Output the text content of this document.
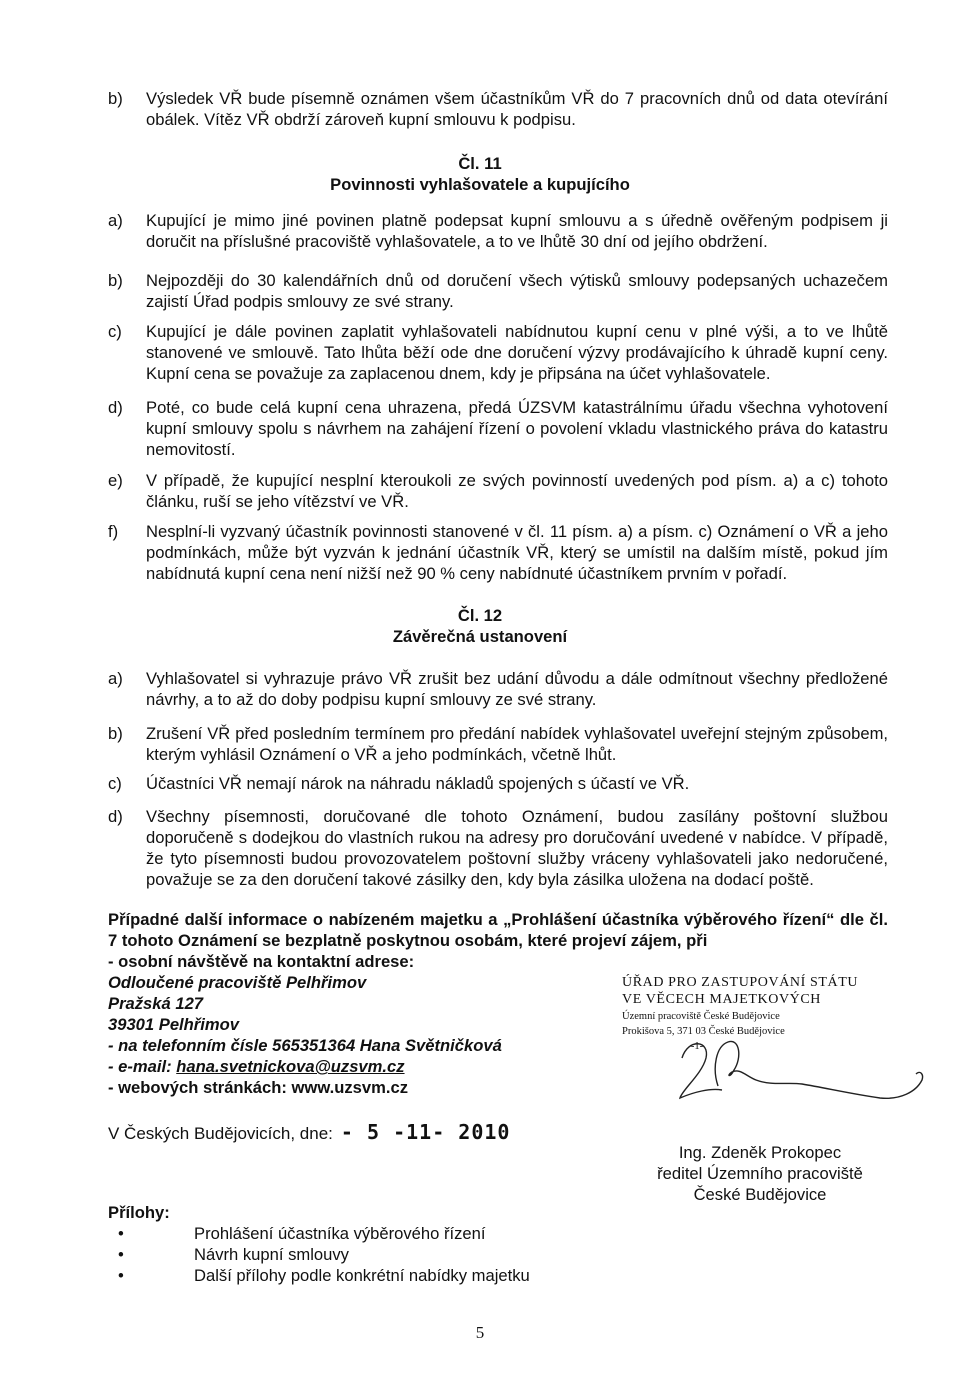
b) Výsledek VŘ bude písemně oznámen všem účastníkům VŘ do 7 pracovních dnů od data otevírání obálek. Vítěz VŘ obdrží zároveň kupní smlouvu k podpisu.
Čl. 11
Povinnosti vyhlašovatele a kupujícího
a) Kupující je mimo jiné povinen platně podepsat kupní smlouvu a s úředně ověřeným podpisem ji doručit na příslušné pracoviště vyhlašovatele, a to ve lhůtě 30 dní od jejího obdržení.
b) Nejpozději do 30 kalendářních dnů od doručení všech výtisků smlouvy podepsaných uchazečem zajistí Úřad podpis smlouvy ze své strany.
c) Kupující je dále povinen zaplatit vyhlašovateli nabídnutou kupní cenu v plné výši, a to ve lhůtě stanovené ve smlouvě. Tato lhůta běží ode dne doručení výzvy prodávajícího k úhradě kupní ceny. Kupní cena se považuje za zaplacenou dnem, kdy je připsána na účet vyhlašovatele.
d) Poté, co bude celá kupní cena uhrazena, předá ÚZSVM katastrálnímu úřadu všechna vyhotovení kupní smlouvy spolu s návrhem na zahájení řízení o povolení vkladu vlastnického práva do katastru nemovitostí.
e) V případě, že kupující nesplní kteroukoli ze svých povinností uvedených pod písm. a) a c) tohoto článku, ruší se jeho vítězství ve VŘ.
f) Nesplní-li vyzvaný účastník povinnosti stanovené v čl. 11 písm. a) a písm. c) Oznámení o VŘ a jeho podmínkách, může být vyzván k jednání účastník VŘ, který se umístil na dalším místě, pokud jím nabídnutá kupní cena není nižší než 90 % ceny nabídnuté účastníkem prvním v pořadí.
Čl. 12
Závěrečná ustanovení
a) Vyhlašovatel si vyhrazuje právo VŘ zrušit bez udání důvodu a dále odmítnout všechny předložené návrhy, a to až do doby podpisu kupní smlouvy ze své strany.
b) Zrušení VŘ před posledním termínem pro předání nabídek vyhlašovatel uveřejní stejným způsobem, kterým vyhlásil Oznámení o VŘ a jeho podmínkách, včetně lhůt.
c) Účastníci VŘ nemají nárok na náhradu nákladů spojených s účastí ve VŘ.
d) Všechny písemnosti, doručované dle tohoto Oznámení, budou zasílány poštovní službou doporučeně s dodejkou do vlastních rukou na adresy pro doručování uvedené v nabídce. V případě, že tyto písemnosti budou provozovatelem poštovní služby vráceny vyhlašovateli jako nedoručené, považuje se za den doručení takové zásilky den, kdy byla zásilka uložena na dodací poště.
Případné další informace o nabízeném majetku a „Prohlášení účastníka výběrového řízení“ dle čl. 7 tohoto Oznámení se bezplatně poskytnou osobám, které projeví zájem, při
- osobní návštěvě na kontaktní adrese:
Odloučené pracoviště Pelhřimov
Pražská 127
39301 Pelhřimov
- na telefonním čísle 565351364 Hana Světničková
- e-mail: hana.svetnickova@uzsvm.cz
- webových stránkách: www.uzsvm.cz
ÚŘAD PRO ZASTUPOVÁNÍ STÁTU
VE VĚCECH MAJETKOVÝCH
Územní pracoviště České Budějovice
Prokišova 5, 371 03 České Budějovice
-1-
V Českých Budějovicích, dne: - 5 -11- 2010
Ing. Zdeněk Prokopec
ředitel Územního pracoviště
České Budějovice
Přílohy:
•	Prohlášení účastníka výběrového řízení
•	Návrh kupní smlouvy
•	Další přílohy podle konkrétní nabídky majetku
5
